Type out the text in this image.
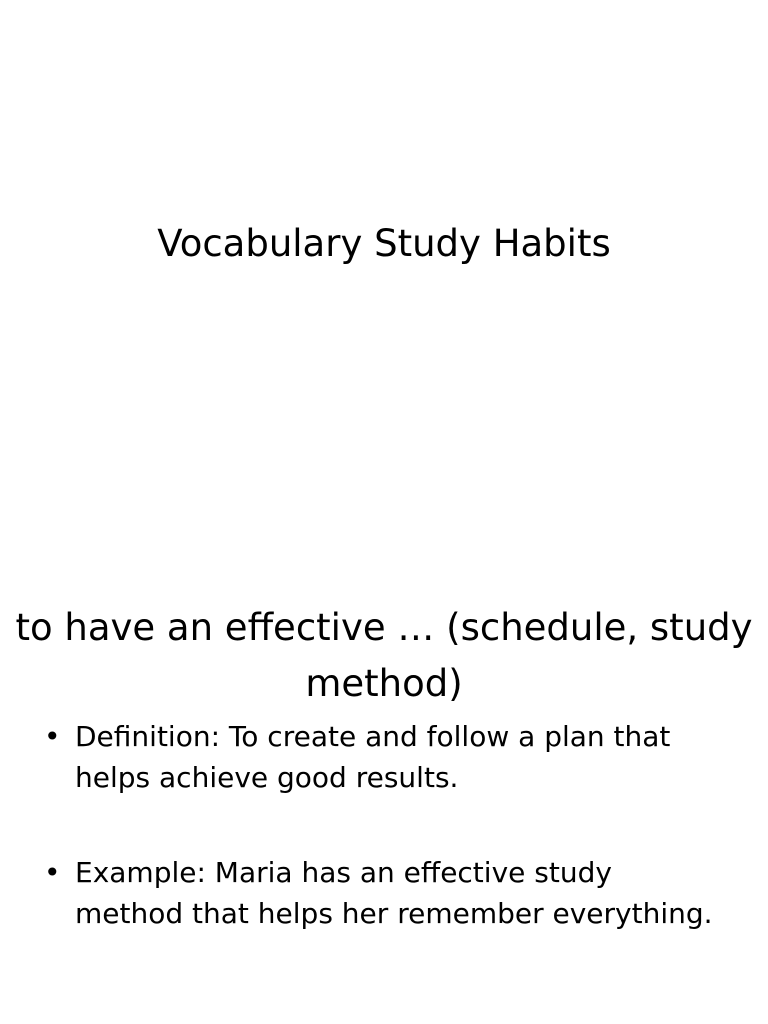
Vocabulary Study Habits
to have an effective … (schedule, study method)
• Definition: To create and follow a plan that helps achieve good results.
• Example: Maria has an effective study method that helps her remember everything.
